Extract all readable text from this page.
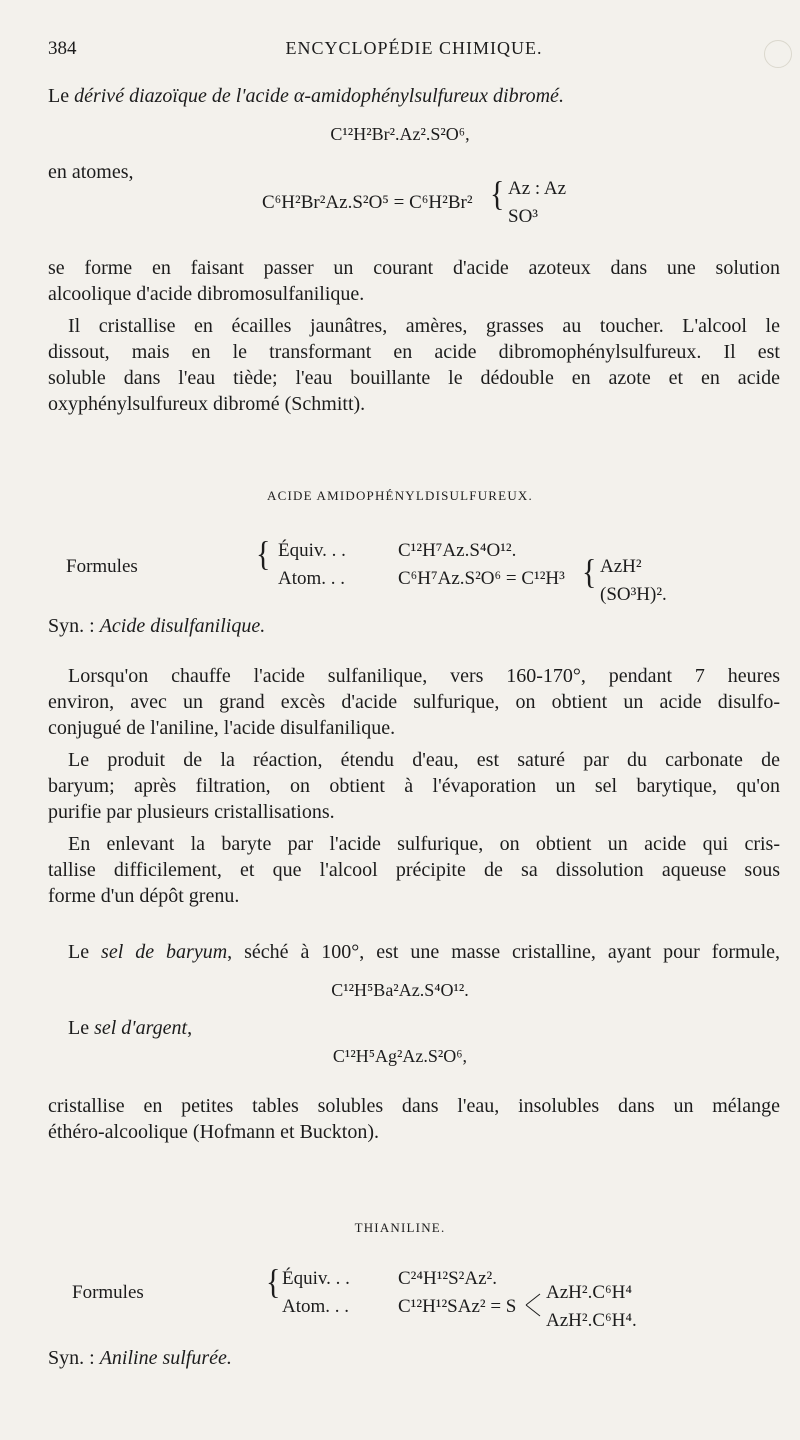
384	ENCYCLOPÉDIE CHIMIQUE.
Le dérivé diazoïque de l'acide α-amidophénylsulfureux dibromé.
C¹²H²Br².Az².S²O⁶,
en atomes,
C⁶H²Br²Az.S²O⁵ = C⁶H²Br² { Az : Az
SO³
se forme en faisant passer un courant d'acide azoteux dans une solution
alcoolique d'acide dibromosulfanilique.
Il cristallise en écailles jaunâtres, amères, grasses au toucher. L'alcool le
dissout, mais en le transformant en acide dibromophénylsulfureux. Il est
soluble dans l'eau tiède; l'eau bouillante le dédouble en azote et en acide
oxyphénylsulfureux dibromé (Schmitt).
ACIDE AMIDOPHÉNYLDISULFUREUX.
Formules	{ Équiv. . .	C¹²H⁷Az.S⁴O¹².
Atom. . .	C⁶H⁷Az.S²O⁶ = C¹²H³ { AzH²
(SO³H)².
Syn. : Acide disulfanilique.
Lorsqu'on chauffe l'acide sulfanilique, vers 160-170°, pendant 7 heures
environ, avec un grand excès d'acide sulfurique, on obtient un acide disulfo-
conjugué de l'aniline, l'acide disulfanilique.
Le produit de la réaction, étendu d'eau, est saturé par du carbonate de
baryum; après filtration, on obtient à l'évaporation un sel barytique, qu'on
purifie par plusieurs cristallisations.
En enlevant la baryte par l'acide sulfurique, on obtient un acide qui cris-
tallise difficilement, et que l'alcool précipite de sa dissolution aqueuse sous
forme d'un dépôt grenu.
Le sel de baryum, séché à 100°, est une masse cristalline, ayant pour formule,
C¹²H⁵Ba²Az.S⁴O¹².
Le sel d'argent,
C¹²H⁵Ag²Az.S²O⁶,
cristallise en petites tables solubles dans l'eau, insolubles dans un mélange
éthéro-alcoolique (Hofmann et Buckton).
THIANILINE.
Formules	{ Équiv. . .	C²⁴H¹²S²Az².
Atom. . .	C¹²H¹²SAz² = S
AzH².C⁶H⁴
AzH².C⁶H⁴.
Syn. : Aniline sulfurée.
